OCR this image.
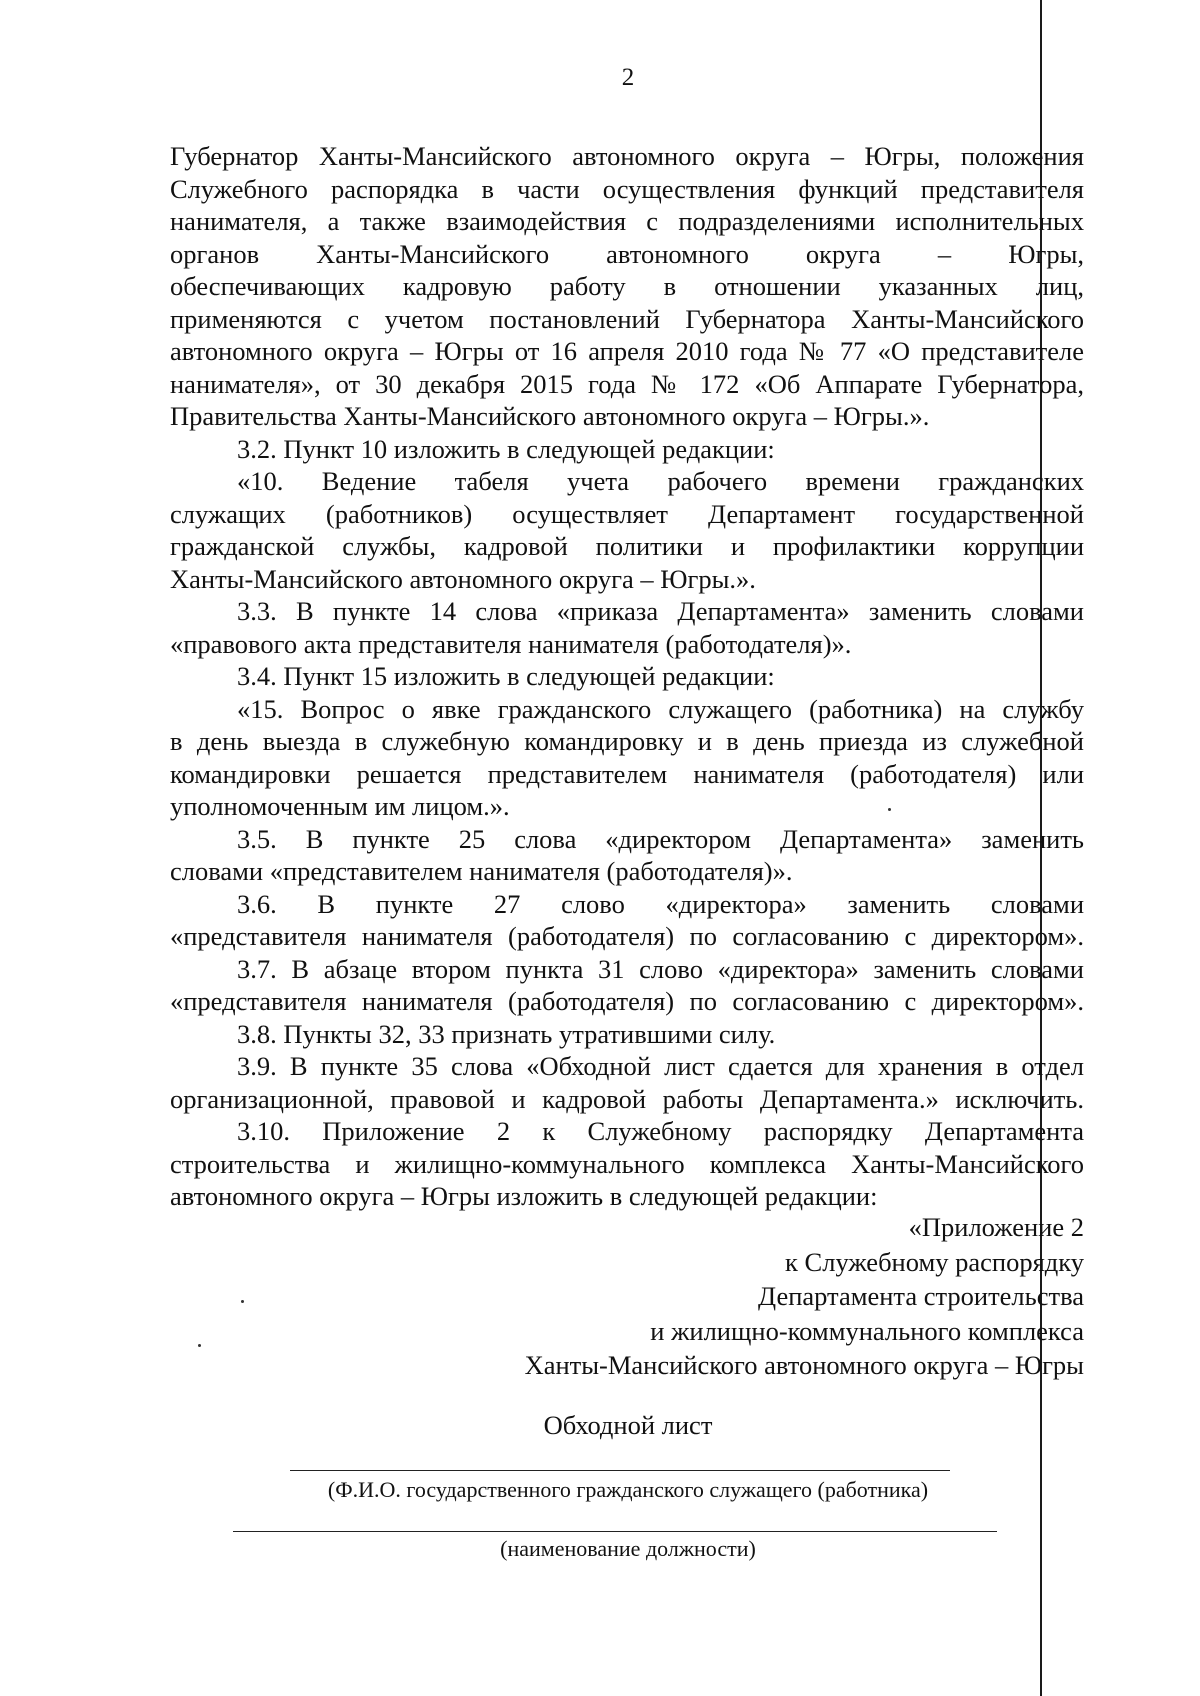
2
Губернатор Ханты-Мансийского автономного округа – Югры, положения
Служебного распорядка в части осуществления функций представителя
нанимателя, а также взаимодействия с подразделениями исполнительных
органов Ханты-Мансийского автономного округа – Югры,
обеспечивающих кадровую работу в отношении указанных лиц,
применяются с учетом постановлений Губернатора Ханты-Мансийского
автономного округа – Югры от 16 апреля 2010 года № 77 «О представителе
нанимателя», от 30 декабря 2015 года № 172 «Об Аппарате Губернатора,
Правительства Ханты-Мансийского автономного округа – Югры.».
3.2. Пункт 10 изложить в следующей редакции:
«10. Ведение табеля учета рабочего времени гражданских
служащих (работников) осуществляет Департамент государственной
гражданской службы, кадровой политики и профилактики коррупции
Ханты-Мансийского автономного округа – Югры.».
3.3. В пункте 14 слова «приказа Департамента» заменить словами
«правового акта представителя нанимателя (работодателя)».
3.4. Пункт 15 изложить в следующей редакции:
«15. Вопрос о явке гражданского служащего (работника) на службу
в день выезда в служебную командировку и в день приезда из служебной
командировки решается представителем нанимателя (работодателя) или
уполномоченным им лицом.».
3.5. В пункте 25 слова «директором Департамента» заменить
словами «представителем нанимателя (работодателя)».
3.6. В пункте 27 слово «директора» заменить словами
«представителя нанимателя (работодателя) по согласованию с директором».
3.7. В абзаце втором пункта 31 слово «директора» заменить словами
«представителя нанимателя (работодателя) по согласованию с директором».
3.8. Пункты 32, 33 признать утратившими силу.
3.9. В пункте 35 слова «Обходной лист сдается для хранения в отдел
организационной, правовой и кадровой работы Департамента.» исключить.
3.10. Приложение 2 к Служебному распорядку Департамента
строительства и жилищно-коммунального комплекса Ханты-Мансийского
автономного округа – Югры изложить в следующей редакции:
«Приложение 2
к Служебному распорядку
Департамента строительства
и жилищно-коммунального комплекса
Ханты-Мансийского автономного округа – Югры
Обходной лист
(Ф.И.О. государственного гражданского служащего (работника)
(наименование должности)
